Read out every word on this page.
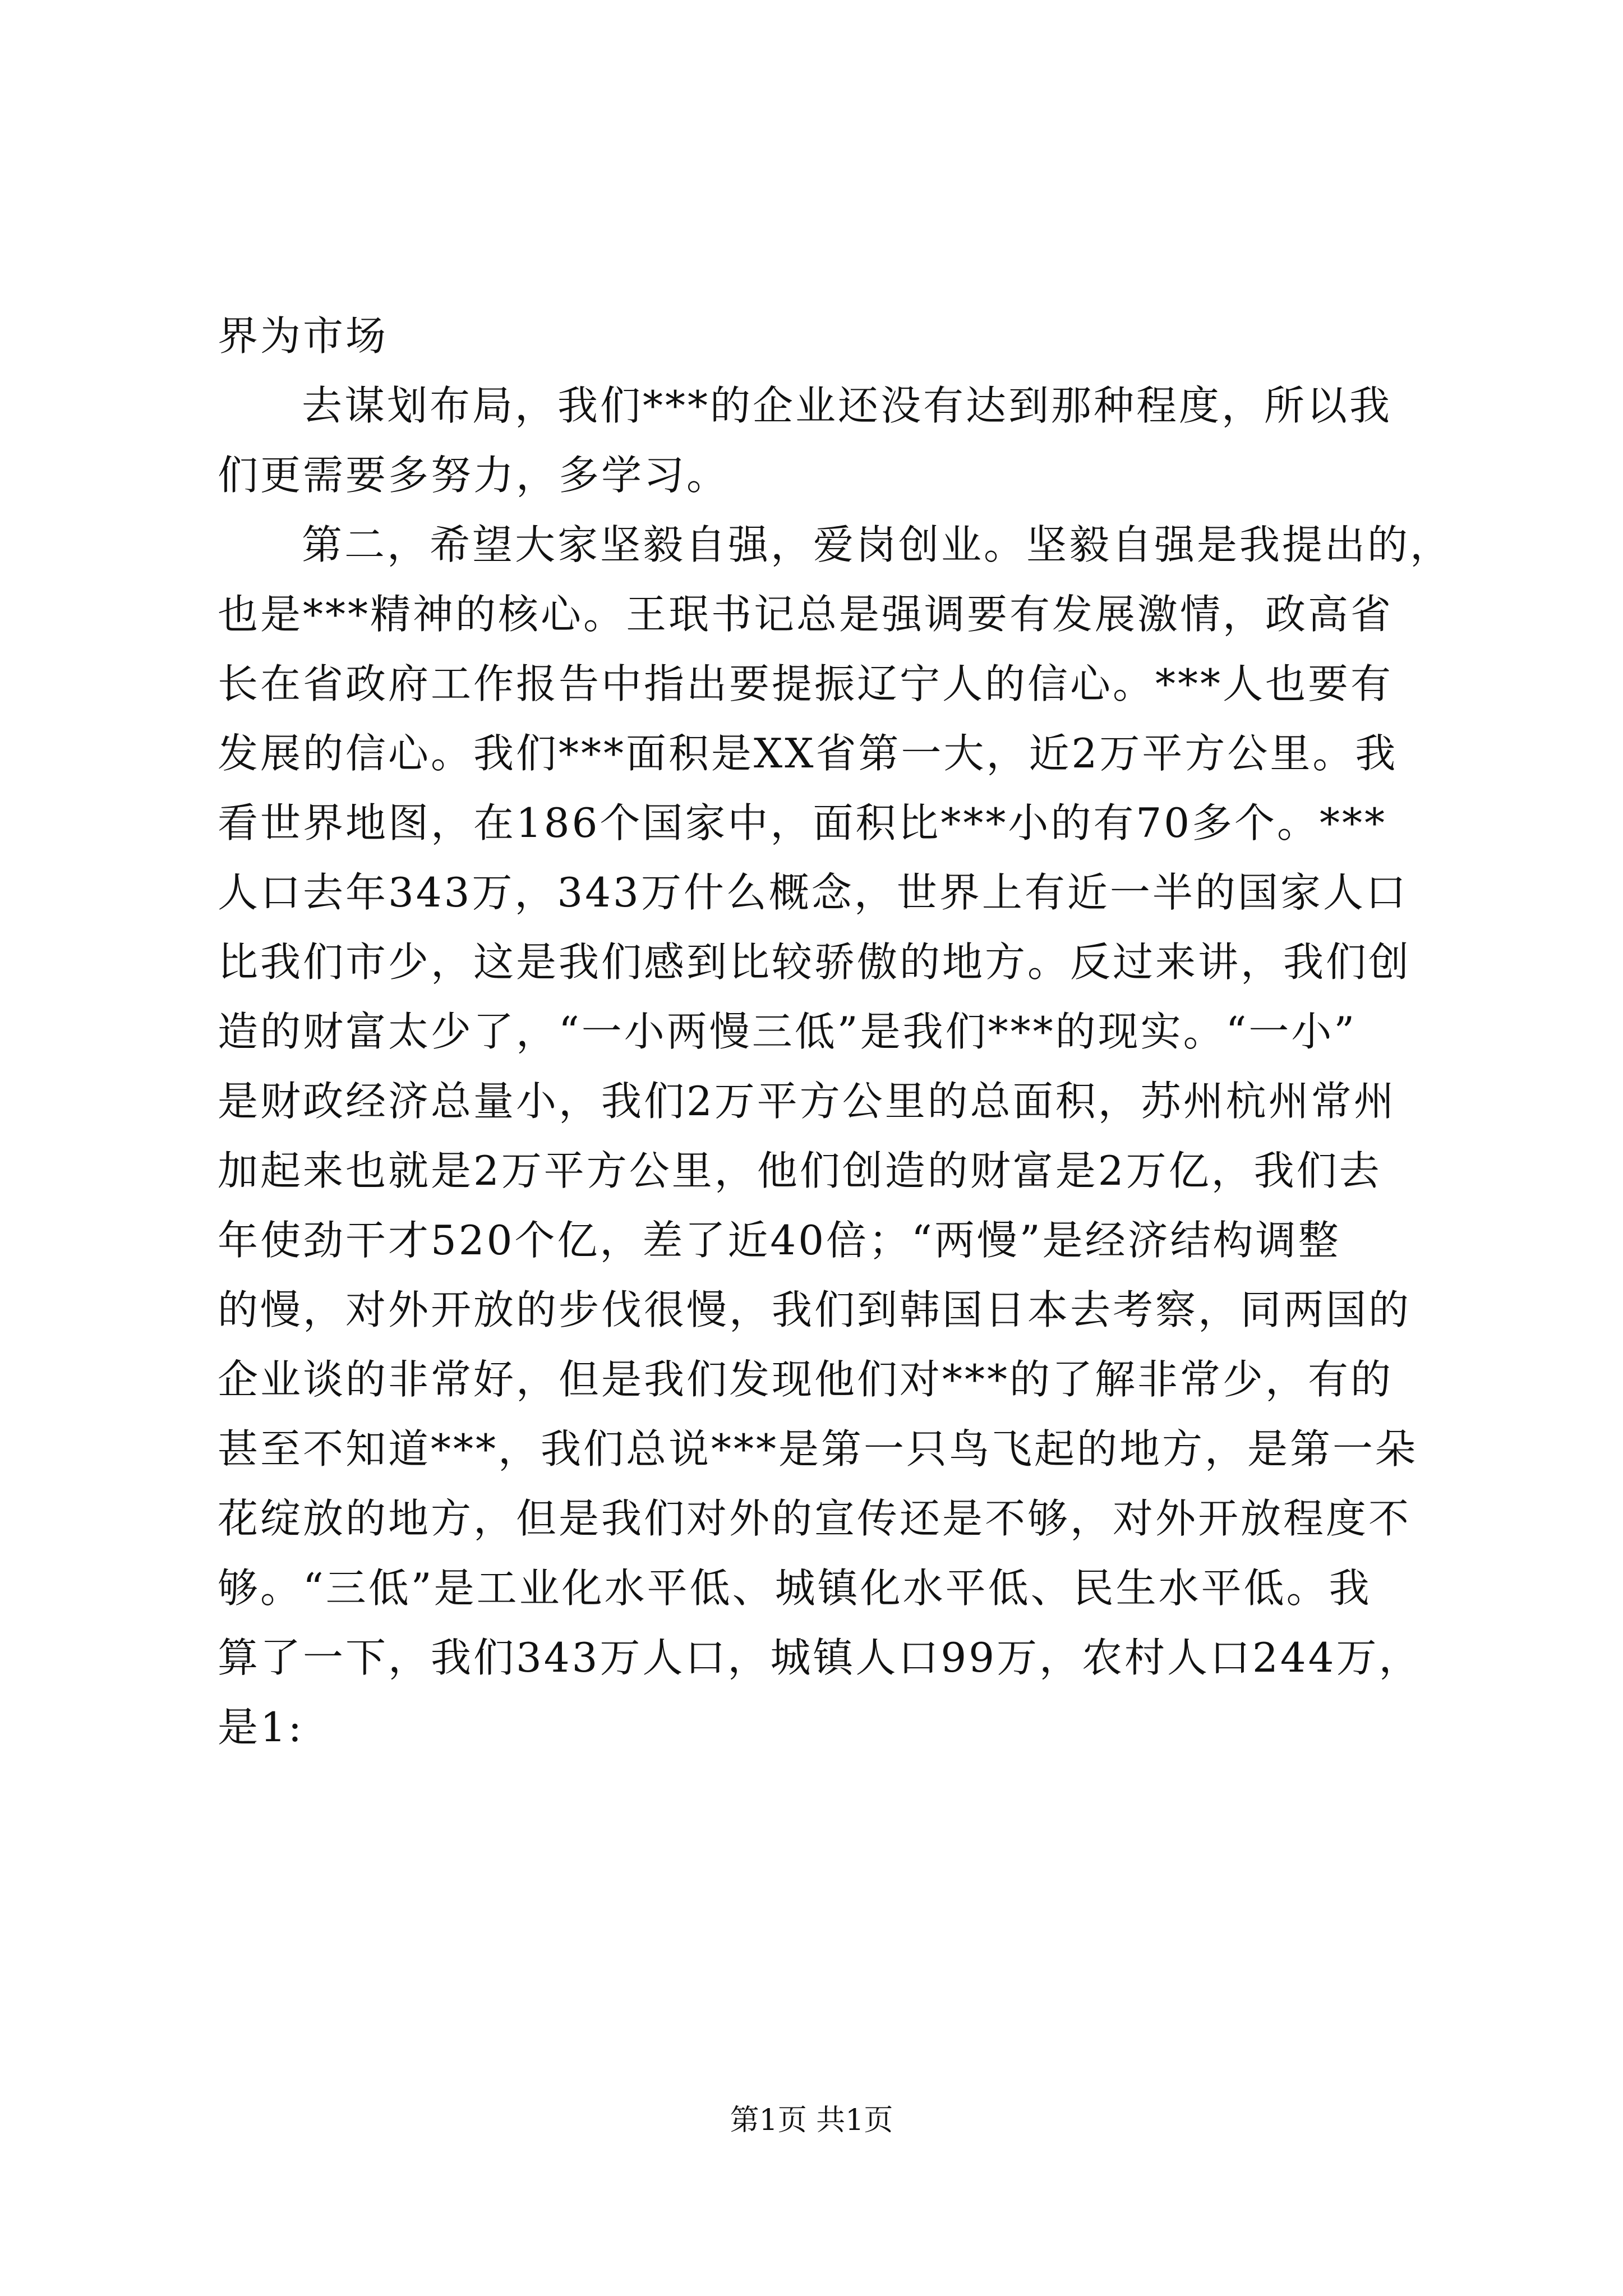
界为市场
去谋划布局，我们***的企业还没有达到那种程度，所以我
们更需要多努力，多学习。
第二，希望大家坚毅自强，爱岗创业。坚毅自强是我提出的，
也是***精神的核心。王珉书记总是强调要有发展激情，政高省
长在省政府工作报告中指出要提振辽宁人的信心。***人也要有
发展的信心。我们***面积是XX省第一大，近2万平方公里。我
看世界地图，在186个国家中，面积比***小的有70多个。***
人口去年343万，343万什么概念，世界上有近一半的国家人口
比我们市少，这是我们感到比较骄傲的地方。反过来讲，我们创
造的财富太少了，“一小两慢三低”是我们***的现实。“一小”
是财政经济总量小，我们2万平方公里的总面积，苏州杭州常州
加起来也就是2万平方公里，他们创造的财富是2万亿，我们去
年使劲干才520个亿，差了近40倍；“两慢”是经济结构调整
的慢，对外开放的步伐很慢，我们到韩国日本去考察，同两国的
企业谈的非常好，但是我们发现他们对***的了解非常少，有的
甚至不知道***，我们总说***是第一只鸟飞起的地方，是第一朵
花绽放的地方，但是我们对外的宣传还是不够，对外开放程度不
够。“三低”是工业化水平低、城镇化水平低、民生水平低。我
算了一下，我们343万人口，城镇人口99万，农村人口244万，
是1:
第1页 共1页
